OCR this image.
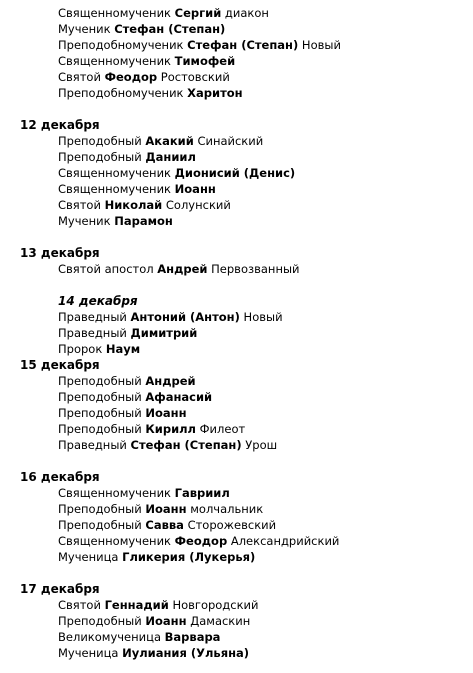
Священномученик Сергий диакон
Мученик Стефан (Степан)
Преподобномученик Стефан (Степан) Новый
Священномученик Тимофей
Святой Феодор Ростовский
Преподобномученик Харитон
12 декабря
Преподобный Акакий Синайский
Преподобный Даниил
Священномученик Дионисий (Денис)
Священномученик Иоанн
Святой Николай Солунский
Мученик Парамон
13 декабря
Святой апостол Андрей Первозванный
14 декабря
Праведный Антоний (Антон) Новый
Праведный Димитрий
Пророк Наум
15 декабря
Преподобный Андрей
Преподобный Афанасий
Преподобный Иоанн
Преподобный Кирилл Филеот
Праведный Стефан (Степан) Урош
16 декабря
Священномученик Гавриил
Преподобный Иоанн молчальник
Преподобный Савва Сторожевский
Священномученик Феодор Александрийский
Мученица Гликерия (Лукерья)
17 декабря
Святой Геннадий Новгородский
Преподобный Иоанн Дамаскин
Великомученица Варвара
Мученица Иулиания (Ульяна)
